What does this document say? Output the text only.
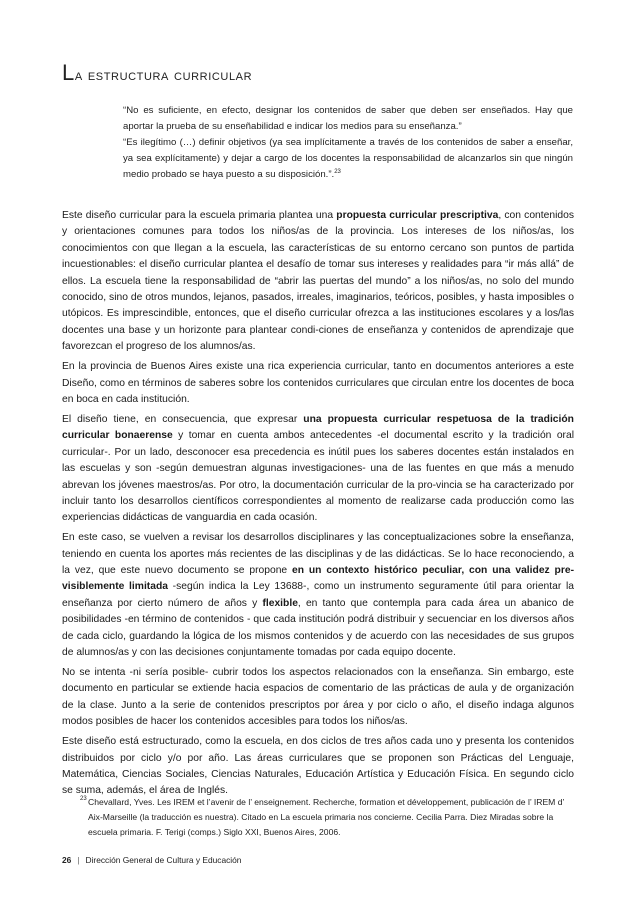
La estructura curricular

“No es suficiente, en efecto, designar los contenidos de saber que deben ser enseñados. Hay que aportar la prueba de su enseñabilidad e indicar los medios para su enseñanza.”

“Es ilegítimo (…) definir objetivos (ya sea implícitamente a través de los contenidos de saber a enseñar, ya sea explícitamente) y dejar a cargo de los docentes la responsabilidad de alcanzarlos sin que ningún medio probado se haya puesto a su disposición.”.$^{23}$

Este diseño curricular para la escuela primaria plantea una propuesta curricular prescriptiva, con contenidos y orientaciones comunes para todos los niños/as de la provincia. Los intereses de los niños/as, los conocimientos con que llegan a la escuela, las características de su entorno cercano son puntos de partida incuestionables: el diseño curricular plantea el desafío de tomar sus intereses y realidades para “ir más allá” de ellos. La escuela tiene la responsabilidad de “abrir las puertas del mundo” a los niños/as, no solo del mundo conocido, sino de otros mundos, lejanos, pasados, irreales, imaginarios, teóricos, posibles, y hasta imposibles o utópicos. Es imprescindible, entonces, que el diseño curricular ofrezca a las instituciones escolares y a los/las docentes una base y un horizonte para plantear condi-ciones de enseñanza y contenidos de aprendizaje que favorezcan el progreso de los alumnos/as.

En la provincia de Buenos Aires existe una rica experiencia curricular, tanto en documentos anteriores a este Diseño, como en términos de saberes sobre los contenidos curriculares que circulan entre los docentes de boca en boca en cada institución.

El diseño tiene, en consecuencia, que expresar una propuesta curricular respetuosa de la tradición curricular bonaerense y tomar en cuenta ambos antecedentes -el documental escrito y la tradición oral curricular-. Por un lado, desconocer esa precedencia es inútil pues los saberes docentes están instalados en las escuelas y son -según demuestran algunas investigaciones- una de las fuentes en que más a menudo abrevan los jóvenes maestros/as. Por otro, la documentación curricular de la pro-vincia se ha caracterizado por incluir tanto los desarrollos científicos correspondientes al momento de realizarse cada producción como las experiencias didácticas de vanguardia en cada ocasión.

En este caso, se vuelven a revisar los desarrollos disciplinares y las conceptualizaciones sobre la enseñanza, teniendo en cuenta los aportes más recientes de las disciplinas y de las didácticas. Se lo hace reconociendo, a la vez, que este nuevo documento se propone en un contexto histórico peculiar, con una validez pre-visiblemente limitada -según indica la Ley 13688-, como un instrumento seguramente útil para orientar la enseñanza por cierto número de años y flexible, en tanto que contempla para cada área un abanico de posibilidades -en término de contenidos - que cada institución podrá distribuir y secuenciar en los diversos años de cada ciclo, guardando la lógica de los mismos contenidos y de acuerdo con las necesidades de sus grupos de alumnos/as y con las decisiones conjuntamente tomadas por cada equipo docente.

No se intenta -ni sería posible- cubrir todos los aspectos relacionados con la enseñanza. Sin embargo, este documento en particular se extiende hacia espacios de comentario de las prácticas de aula y de organización de la clase. Junto a la serie de contenidos prescriptos por área y por ciclo o año, el diseño indaga algunos modos posibles de hacer los contenidos accesibles para todos los niños/as.

Este diseño está estructurado, como la escuela, en dos ciclos de tres años cada uno y presenta los contenidos distribuidos por ciclo y/o por año. Las áreas curriculares que se proponen son Prácticas del Lenguaje, Matemática, Ciencias Sociales, Ciencias Naturales, Educación Artística y Educación Física. En segundo ciclo se suma, además, el área de Inglés.

23 Chevallard, Yves. Les IREM et l’avenir de l’ enseignement. Recherche, formation et développement, publicación de l’ IREM d’ Aix-Marseille (la traducción es nuestra). Citado en La escuela primaria nos concierne. Cecilia Parra. Diez Miradas sobre la escuela primaria. F. Terigi (comps.) Siglo XXI, Buenos Aires, 2006.
26 | Dirección General de Cultura y Educación
